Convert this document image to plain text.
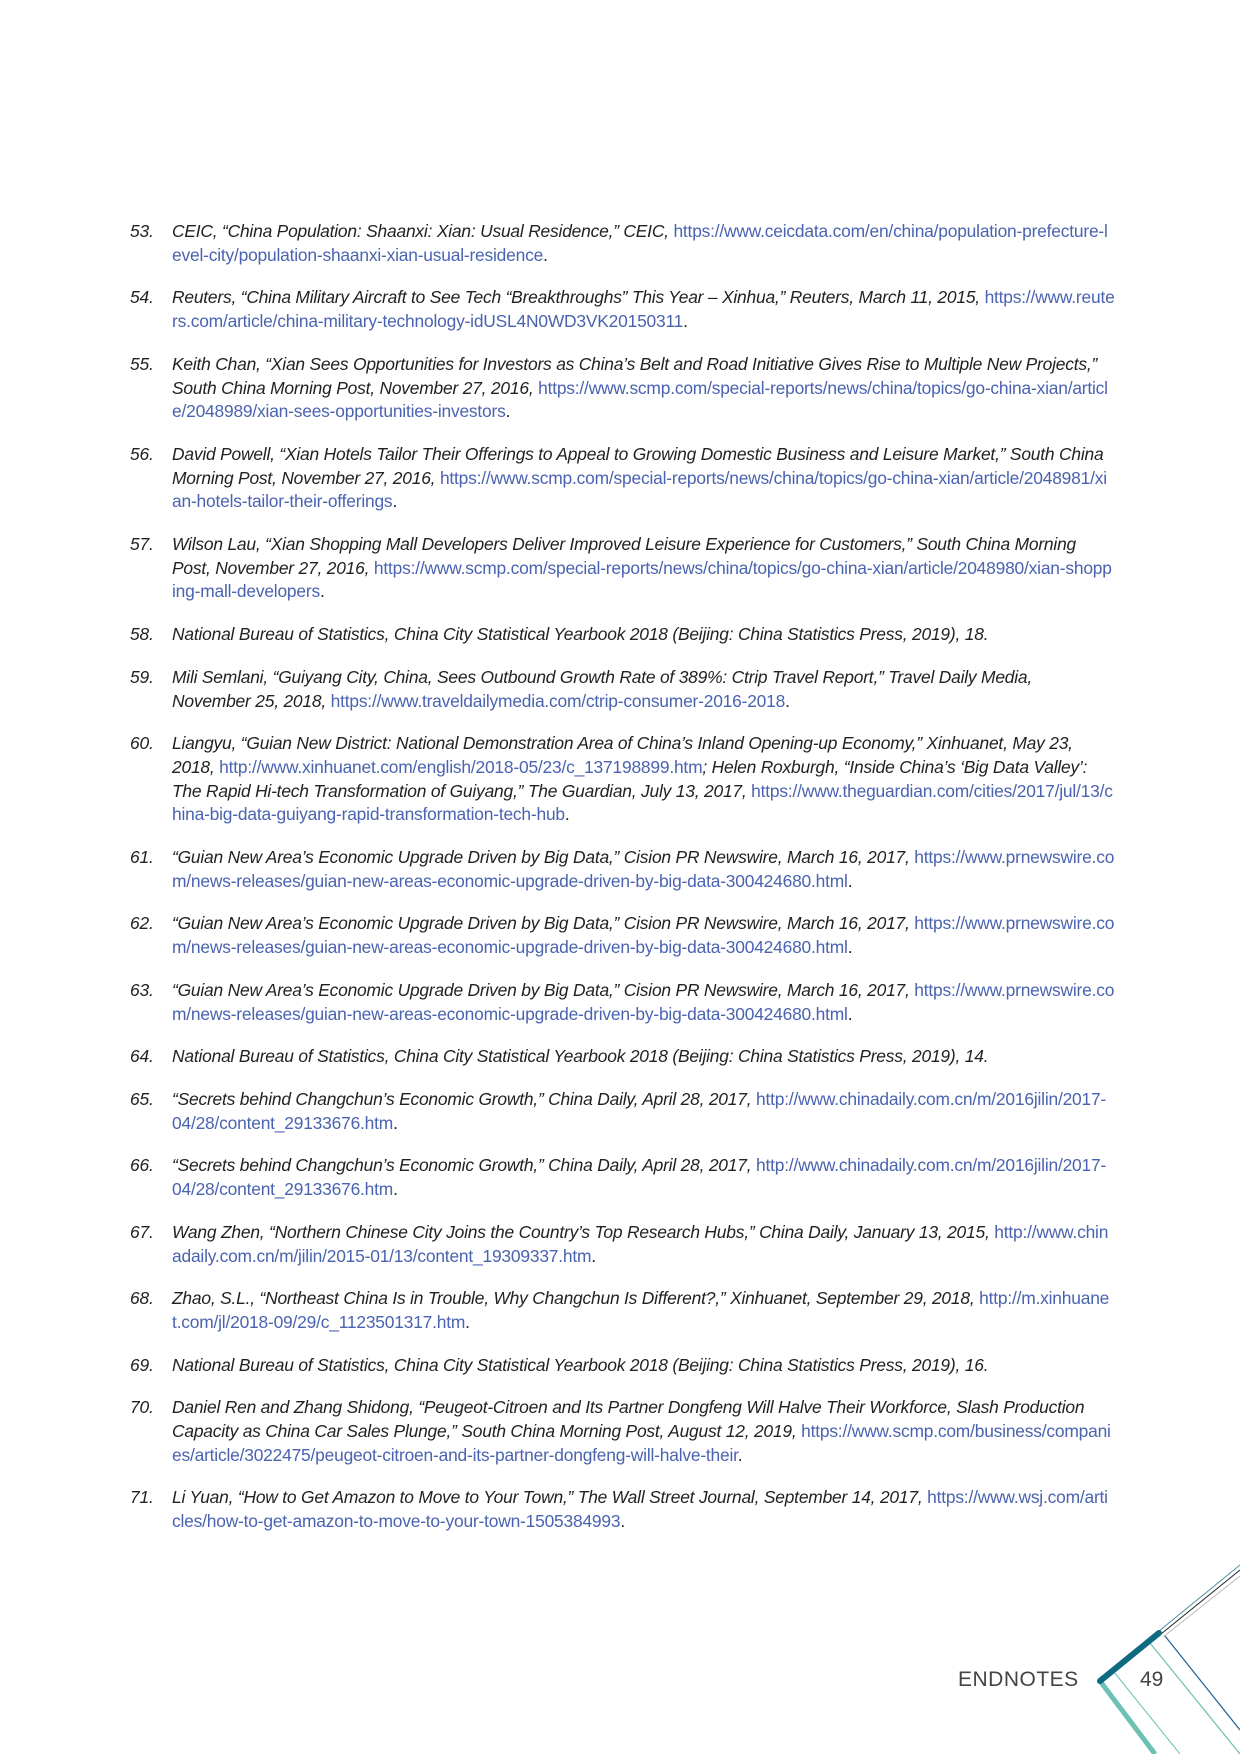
53. CEIC, “China Population: Shaanxi: Xian: Usual Residence,” CEIC, https://www.ceicdata.com/en/china/population-prefecture-level-city/population-shaanxi-xian-usual-residence.
54. Reuters, “China Military Aircraft to See Tech “Breakthroughs” This Year – Xinhua,” Reuters, March 11, 2015, https://www.reuters.com/article/china-military-technology-idUSL4N0WD3VK20150311.
55. Keith Chan, “Xian Sees Opportunities for Investors as China’s Belt and Road Initiative Gives Rise to Multiple New Projects,” South China Morning Post, November 27, 2016, https://www.scmp.com/special-reports/news/china/topics/go-china-xian/article/2048989/xian-sees-opportunities-investors.
56. David Powell, “Xian Hotels Tailor Their Offerings to Appeal to Growing Domestic Business and Leisure Market,” South China Morning Post, November 27, 2016, https://www.scmp.com/special-reports/news/china/topics/go-china-xian/article/2048981/xian-hotels-tailor-their-offerings.
57. Wilson Lau, “Xian Shopping Mall Developers Deliver Improved Leisure Experience for Customers,” South China Morning Post, November 27, 2016, https://www.scmp.com/special-reports/news/china/topics/go-china-xian/article/2048980/xian-shopping-mall-developers.
58. National Bureau of Statistics, China City Statistical Yearbook 2018 (Beijing: China Statistics Press, 2019), 18.
59. Mili Semlani, “Guiyang City, China, Sees Outbound Growth Rate of 389%: Ctrip Travel Report,” Travel Daily Media, November 25, 2018, https://www.traveldailymedia.com/ctrip-consumer-2016-2018.
60. Liangyu, “Guian New District: National Demonstration Area of China’s Inland Opening-up Economy,” Xinhuanet, May 23, 2018, http://www.xinhuanet.com/english/2018-05/23/c_137198899.htm; Helen Roxburgh, “Inside China’s ‘Big Data Valley’: The Rapid Hi-tech Transformation of Guiyang,” The Guardian, July 13, 2017, https://www.theguardian.com/cities/2017/jul/13/china-big-data-guiyang-rapid-transformation-tech-hub.
61. “Guian New Area’s Economic Upgrade Driven by Big Data,” Cision PR Newswire, March 16, 2017, https://www.prnewswire.com/news-releases/guian-new-areas-economic-upgrade-driven-by-big-data-300424680.html.
62. “Guian New Area’s Economic Upgrade Driven by Big Data,” Cision PR Newswire, March 16, 2017, https://www.prnewswire.com/news-releases/guian-new-areas-economic-upgrade-driven-by-big-data-300424680.html.
63. “Guian New Area’s Economic Upgrade Driven by Big Data,” Cision PR Newswire, March 16, 2017, https://www.prnewswire.com/news-releases/guian-new-areas-economic-upgrade-driven-by-big-data-300424680.html.
64. National Bureau of Statistics, China City Statistical Yearbook 2018 (Beijing: China Statistics Press, 2019), 14.
65. “Secrets behind Changchun’s Economic Growth,” China Daily, April 28, 2017, http://www.chinadaily.com.cn/m/2016jilin/2017-04/28/content_29133676.htm.
66. “Secrets behind Changchun’s Economic Growth,” China Daily, April 28, 2017, http://www.chinadaily.com.cn/m/2016jilin/2017-04/28/content_29133676.htm.
67. Wang Zhen, “Northern Chinese City Joins the Country’s Top Research Hubs,” China Daily, January 13, 2015, http://www.chinadaily.com.cn/m/jilin/2015-01/13/content_19309337.htm.
68. Zhao, S.L., “Northeast China Is in Trouble, Why Changchun Is Different?,” Xinhuanet, September 29, 2018, http://m.xinhuanet.com/jl/2018-09/29/c_1123501317.htm.
69. National Bureau of Statistics, China City Statistical Yearbook 2018 (Beijing: China Statistics Press, 2019), 16.
70. Daniel Ren and Zhang Shidong, “Peugeot-Citroen and Its Partner Dongfeng Will Halve Their Workforce, Slash Production Capacity as China Car Sales Plunge,” South China Morning Post, August 12, 2019, https://www.scmp.com/business/companies/article/3022475/peugeot-citroen-and-its-partner-dongfeng-will-halve-their.
71. Li Yuan, “How to Get Amazon to Move to Your Town,” The Wall Street Journal, September 14, 2017, https://www.wsj.com/articles/how-to-get-amazon-to-move-to-your-town-1505384993.
ENDNOTES	49
